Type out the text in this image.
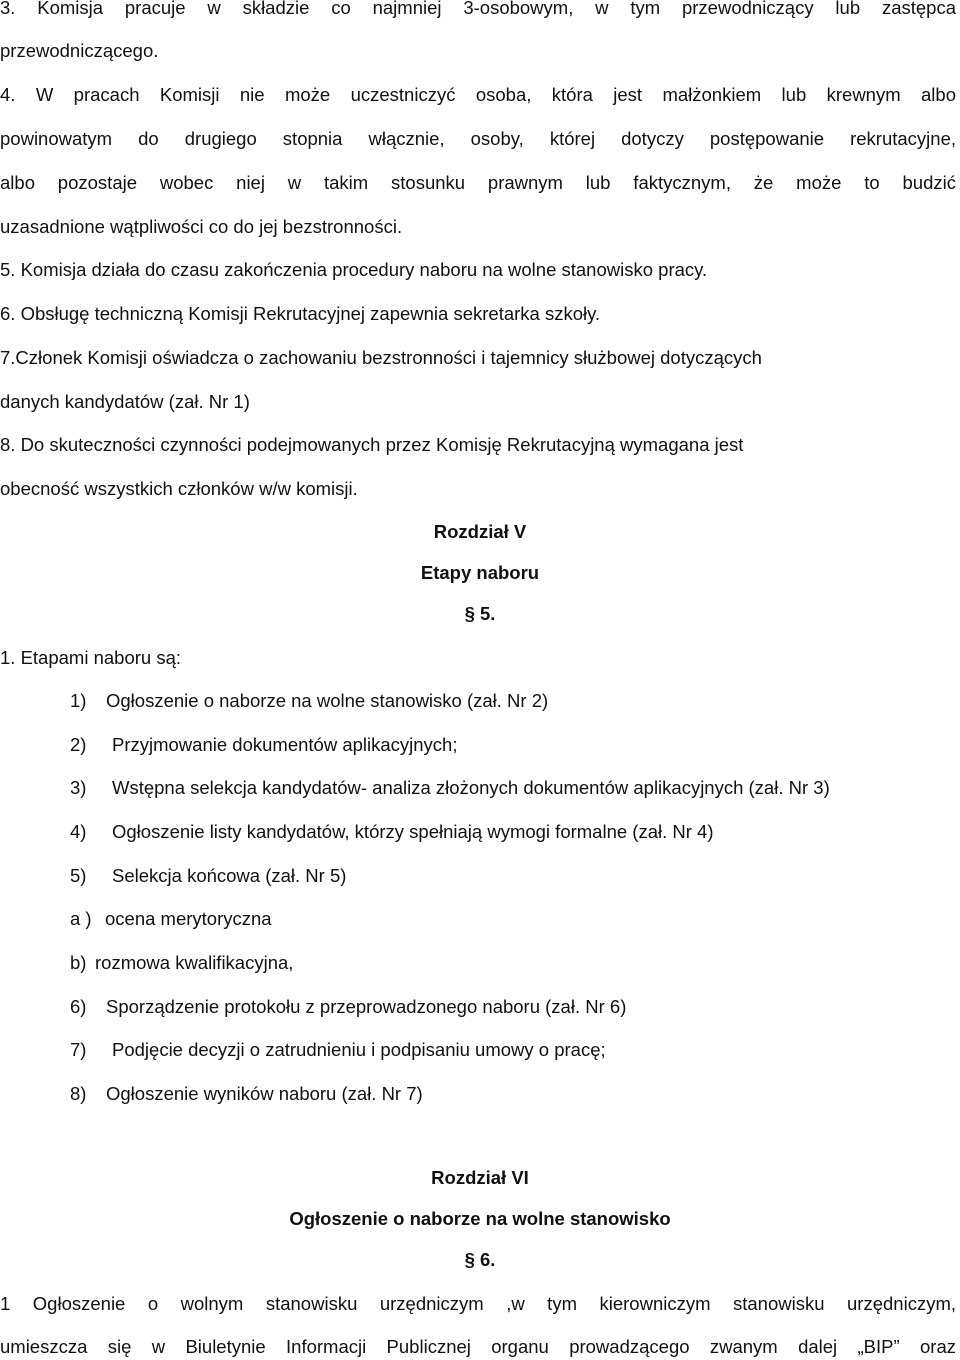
3. Komisja pracuje w składzie co najmniej 3-osobowym, w tym przewodniczący lub zastępca
przewodniczącego.
4. W pracach Komisji nie może uczestniczyć osoba, która jest małżonkiem lub krewnym albo
powinowatym do drugiego stopnia włącznie, osoby, której dotyczy postępowanie rekrutacyjne,
albo pozostaje wobec niej w takim stosunku prawnym lub faktycznym, że może to budzić
uzasadnione wątpliwości co do jej bezstronności.
5. Komisja działa do czasu zakończenia procedury naboru na wolne stanowisko pracy.
6. Obsługę techniczną Komisji Rekrutacyjnej zapewnia sekretarka szkoły.
7.Członek Komisji oświadcza o zachowaniu bezstronności i tajemnicy służbowej dotyczących
danych kandydatów (zał. Nr 1)
8. Do skuteczności czynności podejmowanych przez Komisję Rekrutacyjną wymagana jest
obecność wszystkich członków w/w komisji.
Rozdział V
Etapy naboru
§ 5.
1. Etapami naboru są:
1) Ogłoszenie o naborze na wolne stanowisko (zał. Nr 2)
2) Przyjmowanie dokumentów aplikacyjnych;
3) Wstępna selekcja kandydatów- analiza złożonych dokumentów aplikacyjnych (zał. Nr 3)
4) Ogłoszenie listy kandydatów, którzy spełniają wymogi formalne (zał. Nr 4)
5) Selekcja końcowa (zał. Nr 5)
a ) ocena merytoryczna
b) rozmowa kwalifikacyjna,
6) Sporządzenie protokołu z przeprowadzonego naboru (zał. Nr 6)
7) Podjęcie decyzji o zatrudnieniu i podpisaniu umowy o pracę;
8) Ogłoszenie wyników naboru (zał. Nr 7)
Rozdział VI
Ogłoszenie o naborze na wolne stanowisko
§ 6.
1 Ogłoszenie o wolnym stanowisku urzędniczym ,w tym kierowniczym stanowisku urzędniczym,
umieszcza się w Biuletynie Informacji Publicznej organu prowadzącego zwanym dalej „BIP” oraz
